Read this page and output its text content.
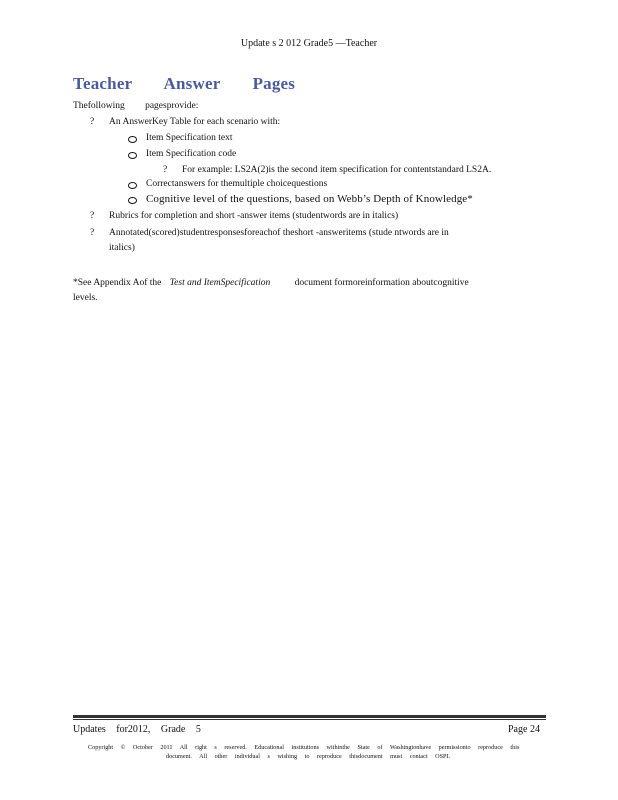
Update s 2 012 Grade5 —Teacher
Teacher Answer Pages
Thefollowing pagesprovide:
? An AnswerKey Table for each scenario with:
Item Specification text
Item Specification code
? For example: LS2A(2)is the second item specification for contentstandard LS2A.
Correctanswers for themultiple choicequestions
Cognitive level of the questions, based on Webb’s Depth of Knowledge*
? Rubrics for completion and short -answer items (studentwords are in italics)
? Annotated(scored)studentresponsesforeachof theshort -answeritems (stude ntwords are in
italics)
*See Appendix Aof the Test and ItemSpecification	document formoreinformation aboutcognitive
levels.
Updates for2012, Grade 5	Page 24
Copyright © October 2011 All right s reserved. Educational institutions withinthe State of Washingtonhave permissionto reproduce this
document. All other individual s wishing to reproduce thisdocument must contact OSPI.
